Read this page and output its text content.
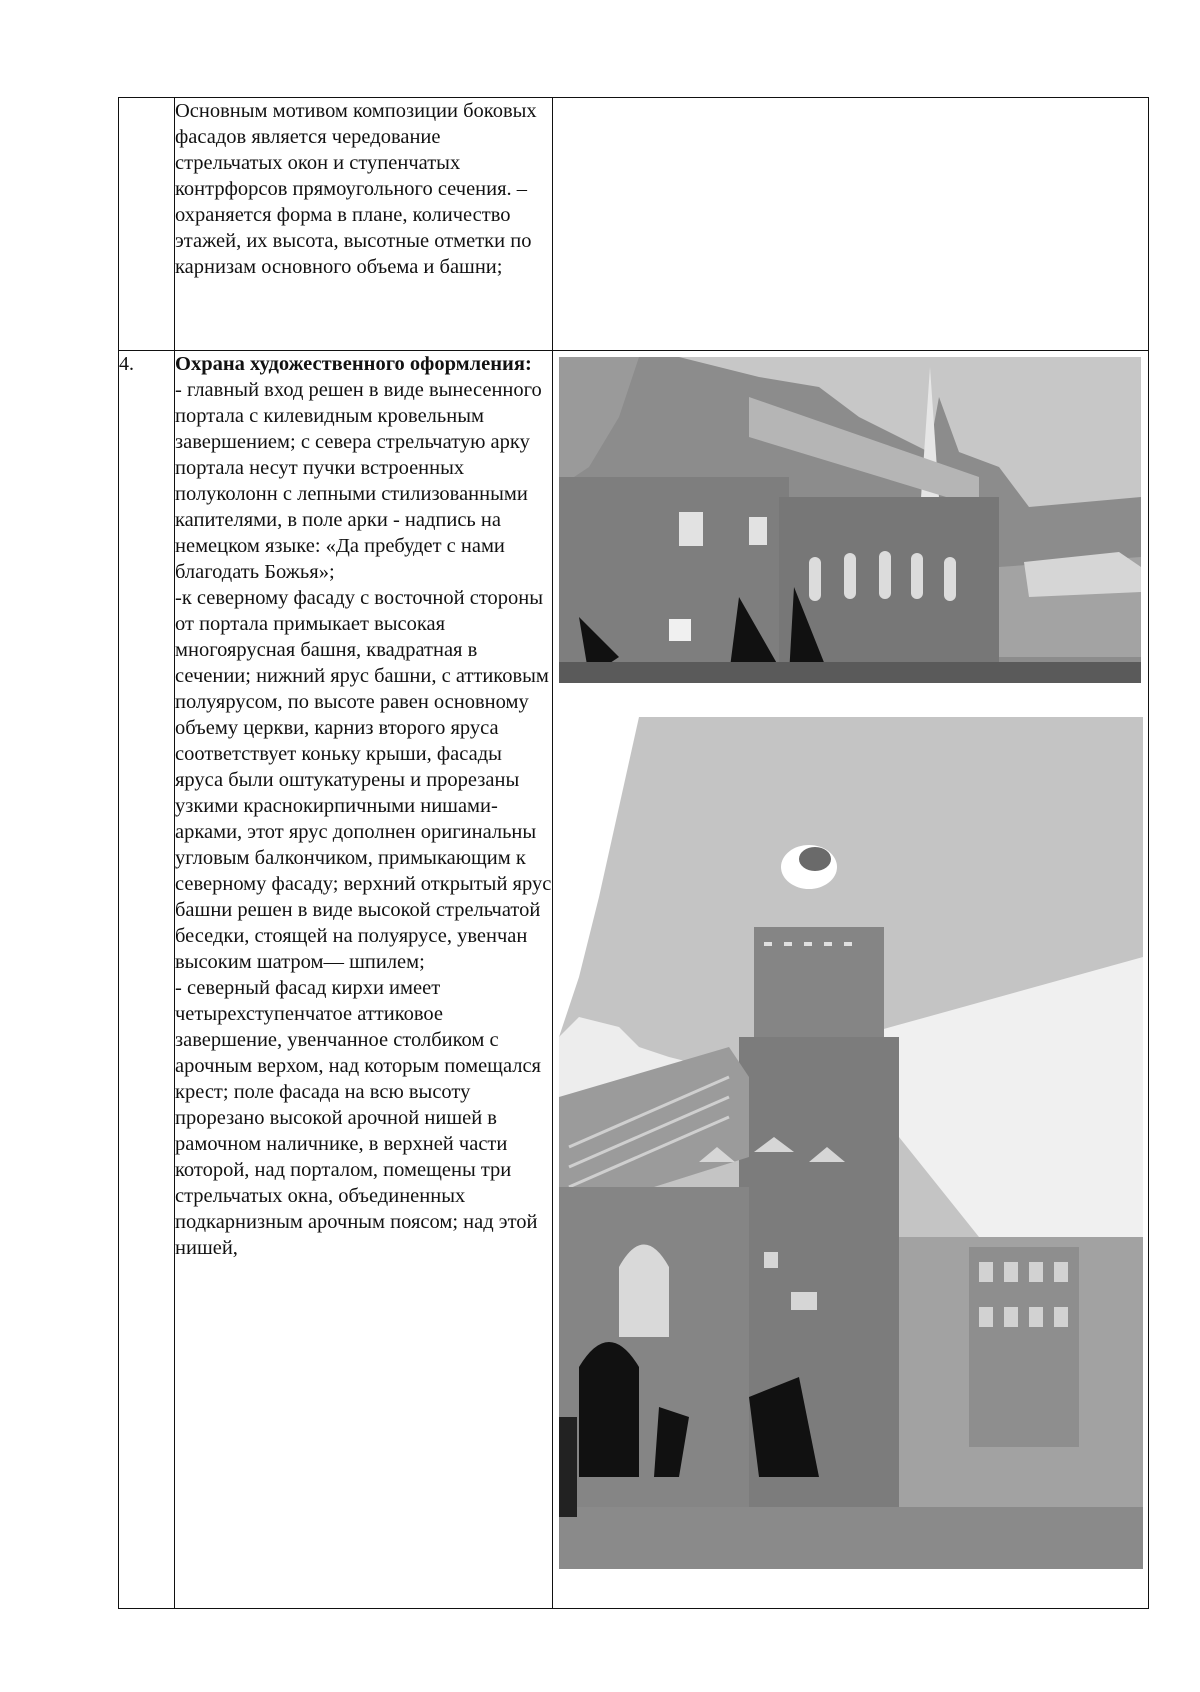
	Основным мотивом композиции боковых фасадов является чередование стрельчатых окон и ступенчатых контрфорсов прямоугольного сечения. – охраняется форма в плане, количество этажей, их высота, высотные отметки по карнизам основного объема и башни;	

4.	Охрана художественного оформления:

- главный вход решен в виде вынесенного портала с килевидным кровельным завершением; с севера стрельчатую арку портала несут пучки встроенных полуколонн с лепными стилизованными капителями, в поле арки - надпись на немецком языке: «Да пребудет с нами благодать Божья»;

-к северному фасаду с восточной стороны от портала примыкает высокая многоярусная башня, квадратная в сечении; нижний ярус башни, с аттиковым полуярусом, по высоте равен основному объему церкви, карниз второго яруса соответствует коньку крыши, фасады яруса были оштукатурены и прорезаны узкими краснокирпичными нишами-арками, этот ярус дополнен оригинальны угловым балкончиком, примыкающим к северному фасаду; верхний открытый ярус башни решен в виде высокой стрельчатой беседки, стоящей на полуярусе, увенчан высоким шатром— шпилем;

- северный фасад кирхи имеет четырехступенчатое аттиковое завершение, увенчанное столбиком с арочным верхом, над которым помещался крест; поле фасада на всю высоту прорезано высокой арочной нишей в рамочном наличнике, в верхней части которой, над порталом, помещены три стрельчатых окна, объединенных подкарнизным арочным поясом; над этой нишей,
